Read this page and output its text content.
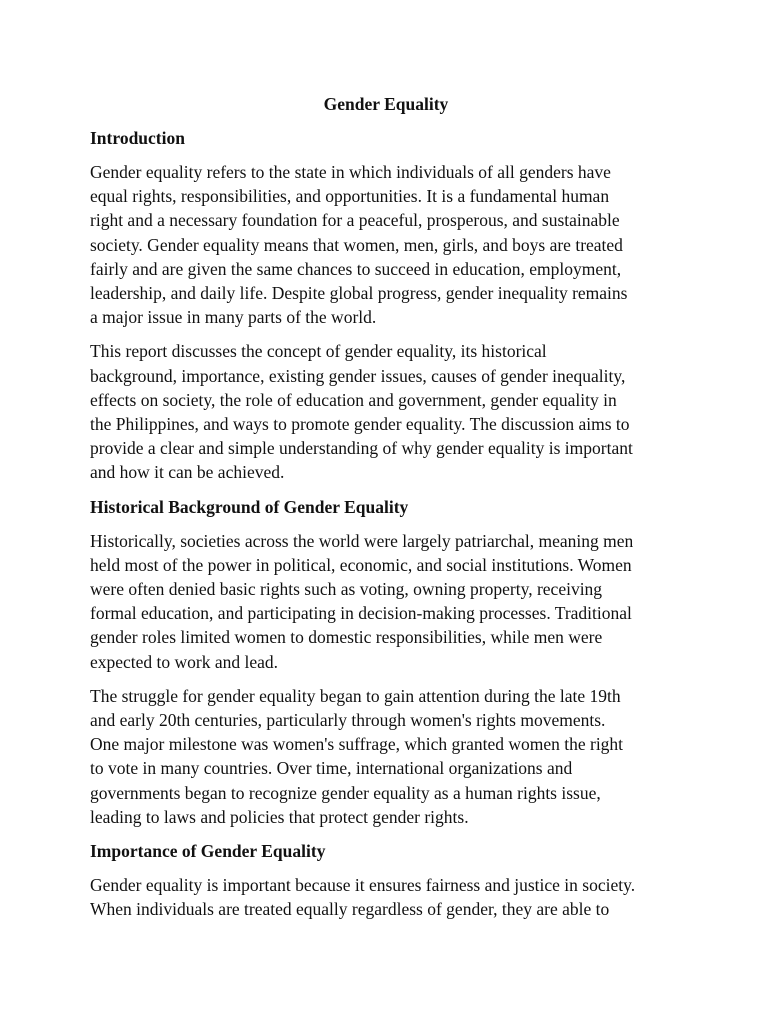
Gender Equality
Introduction
Gender equality refers to the state in which individuals of all genders have
equal rights, responsibilities, and opportunities. It is a fundamental human
right and a necessary foundation for a peaceful, prosperous, and sustainable
society. Gender equality means that women, men, girls, and boys are treated
fairly and are given the same chances to succeed in education, employment,
leadership, and daily life. Despite global progress, gender inequality remains
a major issue in many parts of the world.
This report discusses the concept of gender equality, its historical
background, importance, existing gender issues, causes of gender inequality,
effects on society, the role of education and government, gender equality in
the Philippines, and ways to promote gender equality. The discussion aims to
provide a clear and simple understanding of why gender equality is important
and how it can be achieved.
Historical Background of Gender Equality
Historically, societies across the world were largely patriarchal, meaning men
held most of the power in political, economic, and social institutions. Women
were often denied basic rights such as voting, owning property, receiving
formal education, and participating in decision-making processes. Traditional
gender roles limited women to domestic responsibilities, while men were
expected to work and lead.
The struggle for gender equality began to gain attention during the late 19th
and early 20th centuries, particularly through women's rights movements.
One major milestone was women's suffrage, which granted women the right
to vote in many countries. Over time, international organizations and
governments began to recognize gender equality as a human rights issue,
leading to laws and policies that protect gender rights.
Importance of Gender Equality
Gender equality is important because it ensures fairness and justice in society.
When individuals are treated equally regardless of gender, they are able to
